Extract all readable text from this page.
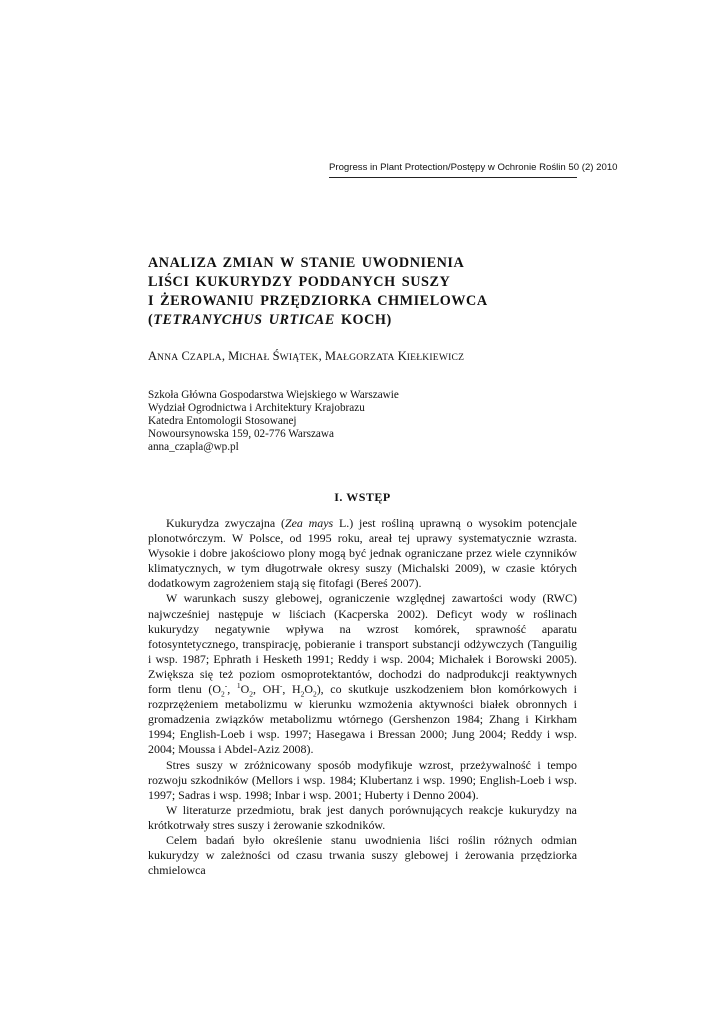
Progress in Plant Protection/Postępy w Ochronie Roślin 50 (2) 2010
ANALIZA ZMIAN W STANIE UWODNIENIA
LIŚCI KUKURYDZY PODDANYCH SUSZY
I ŻEROWANIU PRZĘDZIORKA CHMIELOWCA
(TETRANYCHUS URTICAE KOCH)
ANNA CZAPLA, MICHAŁ ŚWIĄTEK, MAŁGORZATA KIEŁKIEWICZ
Szkoła Główna Gospodarstwa Wiejskiego w Warszawie
Wydział Ogrodnictwa i Architektury Krajobrazu
Katedra Entomologii Stosowanej
Nowoursynowska 159, 02-776 Warszawa
anna_czapla@wp.pl
I. WSTĘP

Kukurydza zwyczajna (Zea mays L.) jest rośliną uprawną o wysokim potencjale plonotwórczym. W Polsce, od 1995 roku, areał tej uprawy systematycznie wzrasta. Wysokie i dobre jakościowo plony mogą być jednak ograniczane przez wiele czynników klimatycznych, w tym długotrwałe okresy suszy (Michalski 2009), w czasie których dodatkowym zagrożeniem stają się fitofagi (Bereś 2007).

W warunkach suszy glebowej, ograniczenie względnej zawartości wody (RWC) najwcześniej następuje w liściach (Kacperska 2002). Deficyt wody w roślinach kukurydzy negatywnie wpływa na wzrost komórek, sprawność aparatu fotosyntetycznego, transpirację, pobieranie i transport substancji odżywczych (Tanguilig i wsp. 1987; Ephrath i Hesketh 1991; Reddy i wsp. 2004; Michałek i Borowski 2005). Zwiększa się też poziom osmoprotektantów, dochodzi do nadprodukcji reaktywnych form tlenu ($O_2^-$, $^1O_2$, OH-, $H_2O_2$), co skutkuje uszkodzeniem błon komórkowych i rozprzężeniem metabolizmu w kierunku wzmożenia aktywności białek obronnych i gromadzenia związków metabolizmu wtórnego (Gershenzon 1984; Zhang i Kirkham 1994; English-Loeb i wsp. 1997; Hasegawa i Bressan 2000; Jung 2004; Reddy i wsp. 2004; Moussa i Abdel-Aziz 2008).

Stres suszy w zróżnicowany sposób modyfikuje wzrost, przeżywalność i tempo rozwoju szkodników (Mellors i wsp. 1984; Klubertanz i wsp. 1990; English-Loeb i wsp. 1997; Sadras i wsp. 1998; Inbar i wsp. 2001; Huberty i Denno 2004).

W literaturze przedmiotu, brak jest danych porównujących reakcje kukurydzy na krótkotrwały stres suszy i żerowanie szkodników.

Celem badań było określenie stanu uwodnienia liści roślin różnych odmian kukurydzy w zależności od czasu trwania suszy glebowej i żerowania przędziorka chmielowca
